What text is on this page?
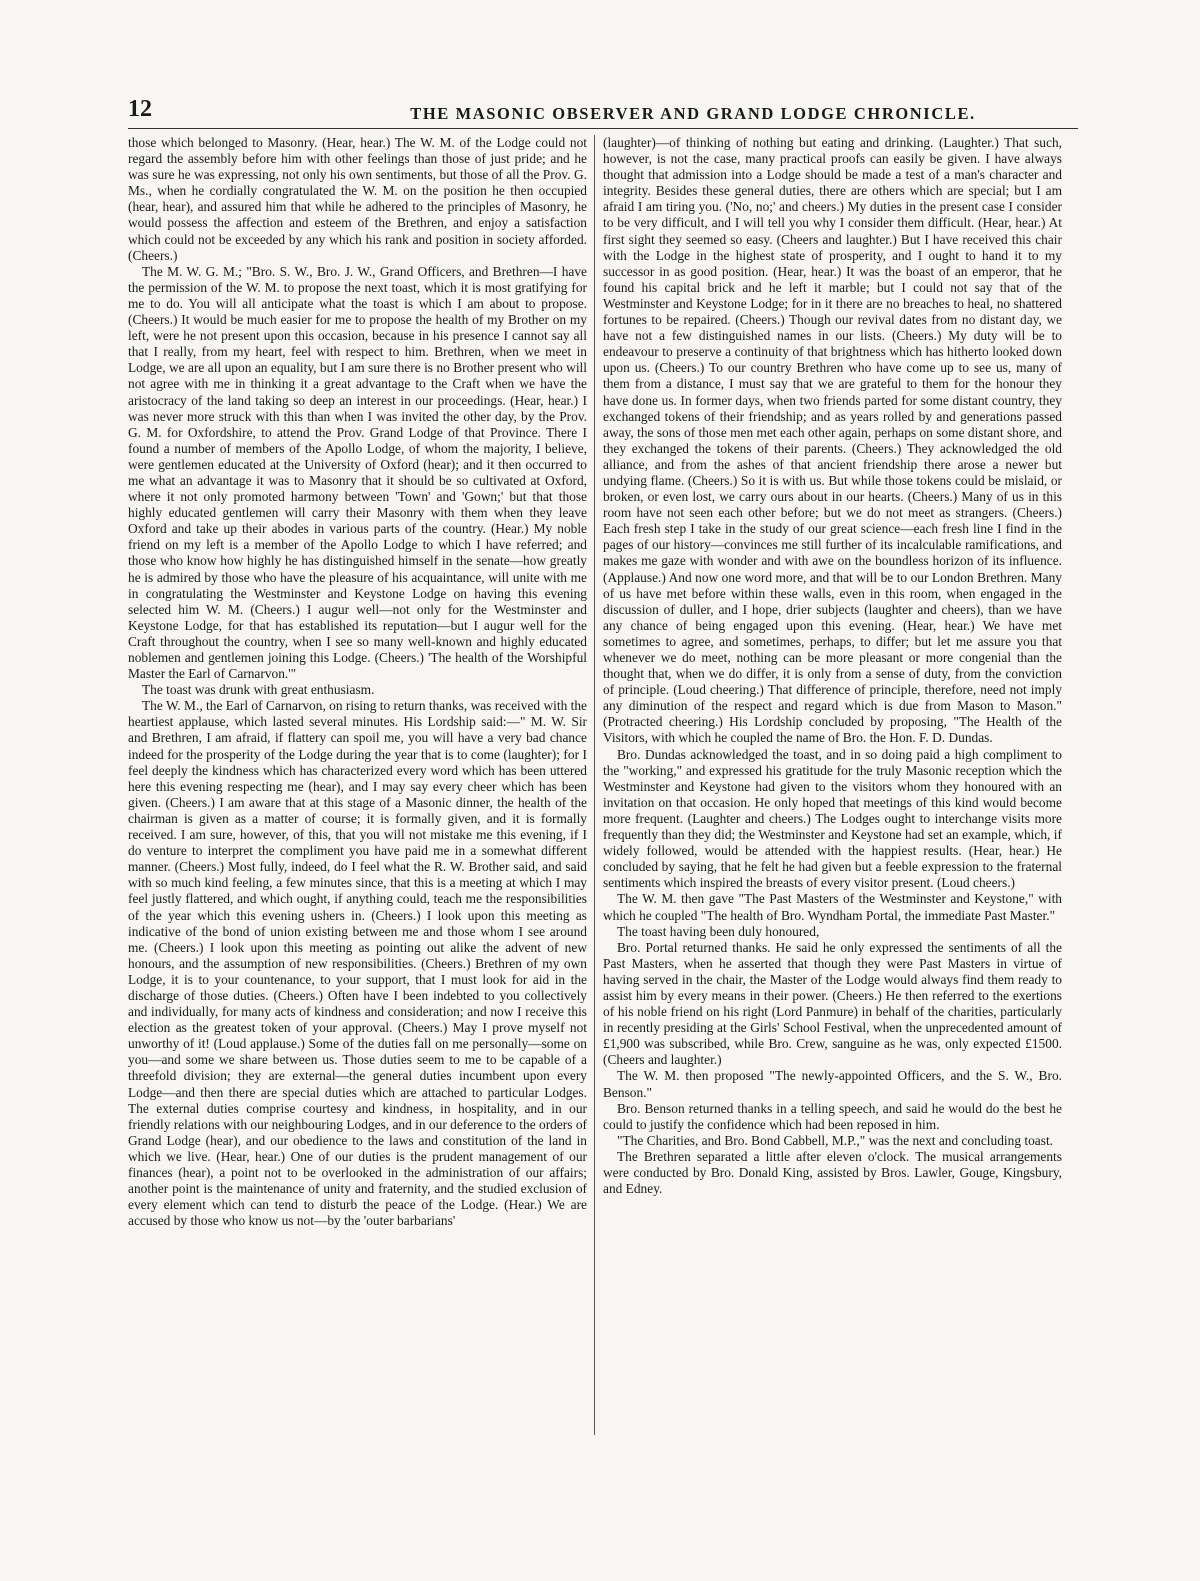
12	THE MASONIC OBSERVER AND GRAND LODGE CHRONICLE.

those which belonged to Masonry. (Hear, hear.) The W. M. of the Lodge could not regard the assembly before him with other feelings than those of just pride; and he was sure he was expressing, not only his own sentiments, but those of all the Prov. G. Ms., when he cordially congratulated the W. M. on the position he then occupied (hear, hear), and assured him that while he adhered to the principles of Masonry, he would possess the affection and esteem of the Brethren, and enjoy a satisfaction which could not be exceeded by any which his rank and position in society afforded. (Cheers.)

The M. W. G. M.; "Bro. S. W., Bro. J. W., Grand Officers, and Brethren—I have the permission of the W. M. to propose the next toast, which it is most gratifying for me to do. You will all anticipate what the toast is which I am about to propose. (Cheers.) It would be much easier for me to propose the health of my Brother on my left, were he not present upon this occasion, because in his presence I cannot say all that I really, from my heart, feel with respect to him. Brethren, when we meet in Lodge, we are all upon an equality, but I am sure there is no Brother present who will not agree with me in thinking it a great advantage to the Craft when we have the aristocracy of the land taking so deep an interest in our proceedings. (Hear, hear.) I was never more struck with this than when I was invited the other day, by the Prov. G. M. for Oxfordshire, to attend the Prov. Grand Lodge of that Province. There I found a number of members of the Apollo Lodge, of whom the majority, I believe, were gentlemen educated at the University of Oxford (hear); and it then occurred to me what an advantage it was to Masonry that it should be so cultivated at Oxford, where it not only promoted harmony between 'Town' and 'Gown;' but that those highly educated gentlemen will carry their Masonry with them when they leave Oxford and take up their abodes in various parts of the country. (Hear.) My noble friend on my left is a member of the Apollo Lodge to which I have referred; and those who know how highly he has distinguished himself in the senate—how greatly he is admired by those who have the pleasure of his acquaintance, will unite with me in congratulating the Westminster and Keystone Lodge on having this evening selected him W. M. (Cheers.) I augur well—not only for the Westminster and Keystone Lodge, for that has established its reputation—but I augur well for the Craft throughout the country, when I see so many well-known and highly educated noblemen and gentlemen joining this Lodge. (Cheers.) 'The health of the Worshipful Master the Earl of Carnarvon.'"

The toast was drunk with great enthusiasm.

The W. M., the Earl of Carnarvon, on rising to return thanks, was received with the heartiest applause, which lasted several minutes. His Lordship said:—" M. W. Sir and Brethren, I am afraid, if flattery can spoil me, you will have a very bad chance indeed for the prosperity of the Lodge during the year that is to come (laughter); for I feel deeply the kindness which has characterized every word which has been uttered here this evening respecting me (hear), and I may say every cheer which has been given. (Cheers.) I am aware that at this stage of a Masonic dinner, the health of the chairman is given as a matter of course; it is formally given, and it is formally received. I am sure, however, of this, that you will not mistake me this evening, if I do venture to interpret the compliment you have paid me in a somewhat different manner. (Cheers.) Most fully, indeed, do I feel what the R. W. Brother said, and said with so much kind feeling, a few minutes since, that this is a meeting at which I may feel justly flattered, and which ought, if anything could, teach me the responsibilities of the year which this evening ushers in. (Cheers.) I look upon this meeting as indicative of the bond of union existing between me and those whom I see around me. (Cheers.) I look upon this meeting as pointing out alike the advent of new honours, and the assumption of new responsibilities. (Cheers.) Brethren of my own Lodge, it is to your countenance, to your support, that I must look for aid in the discharge of those duties. (Cheers.) Often have I been indebted to you collectively and individually, for many acts of kindness and consideration; and now I receive this election as the greatest token of your approval. (Cheers.) May I prove myself not unworthy of it! (Loud applause.) Some of the duties fall on me personally—some on you—and some we share between us. Those duties seem to me to be capable of a threefold division; they are external—the general duties incumbent upon every Lodge—and then there are special duties which are attached to particular Lodges. The external duties comprise courtesy and kindness, in hospitality, and in our friendly relations with our neighbouring Lodges, and in our deference to the orders of Grand Lodge (hear), and our obedience to the laws and constitution of the land in which we live. (Hear, hear.) One of our duties is the prudent management of our finances (hear), a point not to be overlooked in the administration of our affairs; another point is the maintenance of unity and fraternity, and the studied exclusion of every element which can tend to disturb the peace of the Lodge. (Hear.) We are accused by those who know us not—by the 'outer barbarians'

(laughter)—of thinking of nothing but eating and drinking. (Laughter.) That such, however, is not the case, many practical proofs can easily be given. I have always thought that admission into a Lodge should be made a test of a man's character and integrity. Besides these general duties, there are others which are special; but I am afraid I am tiring you. ('No, no;' and cheers.) My duties in the present case I consider to be very difficult, and I will tell you why I consider them difficult. (Hear, hear.) At first sight they seemed so easy. (Cheers and laughter.) But I have received this chair with the Lodge in the highest state of prosperity, and I ought to hand it to my successor in as good position. (Hear, hear.) It was the boast of an emperor, that he found his capital brick and he left it marble; but I could not say that of the Westminster and Keystone Lodge; for in it there are no breaches to heal, no shattered fortunes to be repaired. (Cheers.) Though our revival dates from no distant day, we have not a few distinguished names in our lists. (Cheers.) My duty will be to endeavour to preserve a continuity of that brightness which has hitherto looked down upon us. (Cheers.) To our country Brethren who have come up to see us, many of them from a distance, I must say that we are grateful to them for the honour they have done us. In former days, when two friends parted for some distant country, they exchanged tokens of their friendship; and as years rolled by and generations passed away, the sons of those men met each other again, perhaps on some distant shore, and they exchanged the tokens of their parents. (Cheers.) They acknowledged the old alliance, and from the ashes of that ancient friendship there arose a newer but undying flame. (Cheers.) So it is with us. But while those tokens could be mislaid, or broken, or even lost, we carry ours about in our hearts. (Cheers.) Many of us in this room have not seen each other before; but we do not meet as strangers. (Cheers.) Each fresh step I take in the study of our great science—each fresh line I find in the pages of our history—convinces me still further of its incalculable ramifications, and makes me gaze with wonder and with awe on the boundless horizon of its influence. (Applause.) And now one word more, and that will be to our London Brethren. Many of us have met before within these walls, even in this room, when engaged in the discussion of duller, and I hope, drier subjects (laughter and cheers), than we have any chance of being engaged upon this evening. (Hear, hear.) We have met sometimes to agree, and sometimes, perhaps, to differ; but let me assure you that whenever we do meet, nothing can be more pleasant or more congenial than the thought that, when we do differ, it is only from a sense of duty, from the conviction of principle. (Loud cheering.) That difference of principle, therefore, need not imply any diminution of the respect and regard which is due from Mason to Mason." (Protracted cheering.) His Lordship concluded by proposing, "The Health of the Visitors, with which he coupled the name of Bro. the Hon. F. D. Dundas.

Bro. Dundas acknowledged the toast, and in so doing paid a high compliment to the "working," and expressed his gratitude for the truly Masonic reception which the Westminster and Keystone had given to the visitors whom they honoured with an invitation on that occasion. He only hoped that meetings of this kind would become more frequent. (Laughter and cheers.) The Lodges ought to interchange visits more frequently than they did; the Westminster and Keystone had set an example, which, if widely followed, would be attended with the happiest results. (Hear, hear.) He concluded by saying, that he felt he had given but a feeble expression to the fraternal sentiments which inspired the breasts of every visitor present. (Loud cheers.)

The W. M. then gave "The Past Masters of the Westminster and Keystone," with which he coupled "The health of Bro. Wyndham Portal, the immediate Past Master."

The toast having been duly honoured,

Bro. Portal returned thanks. He said he only expressed the sentiments of all the Past Masters, when he asserted that though they were Past Masters in virtue of having served in the chair, the Master of the Lodge would always find them ready to assist him by every means in their power. (Cheers.) He then referred to the exertions of his noble friend on his right (Lord Panmure) in behalf of the charities, particularly in recently presiding at the Girls' School Festival, when the unprecedented amount of £1,900 was subscribed, while Bro. Crew, sanguine as he was, only expected £1500. (Cheers and laughter.)

The W. M. then proposed "The newly-appointed Officers, and the S. W., Bro. Benson."

Bro. Benson returned thanks in a telling speech, and said he would do the best he could to justify the confidence which had been reposed in him.

"The Charities, and Bro. Bond Cabbell, M.P.," was the next and concluding toast.

The Brethren separated a little after eleven o'clock. The musical arrangements were conducted by Bro. Donald King, assisted by Bros. Lawler, Gouge, Kingsbury, and Edney.
